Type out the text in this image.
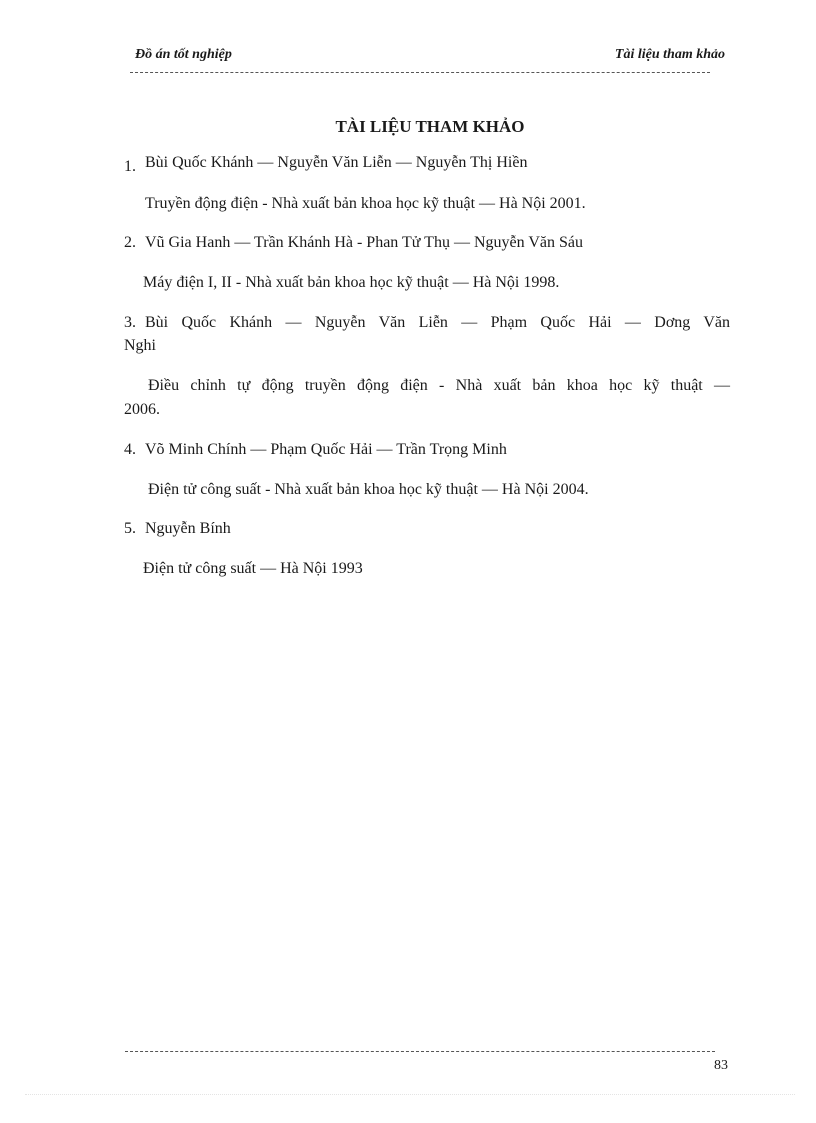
Đồ án tốt nghiệp	Tài liệu tham khảo
TÀI LIỆU THAM KHẢO
1. Bùi Quốc Khánh — Nguyễn Văn Liễn — Nguyễn Thị Hiền
Truyền động điện - Nhà xuất bản khoa học kỹ thuật — Hà Nội 2001.
2. Vũ Gia Hanh — Trần Khánh Hà - Phan Tử Thụ — Nguyễn Văn Sáu
Máy điện I, II - Nhà xuất bản khoa học kỹ thuật — Hà Nội 1998.
3. Bùi Quốc Khánh — Nguyễn Văn Liễn — Phạm Quốc Hải — Dơng Văn
Nghi
Điều chỉnh tự động truyền động điện - Nhà xuất bản khoa học kỹ thuật —
2006.
4. Võ Minh Chính — Phạm Quốc Hải — Trần Trọng Minh
Điện tử công suất - Nhà xuất bản khoa học kỹ thuật — Hà Nội 2004.
5. Nguyễn Bính
Điện tử công suất — Hà Nội 1993
83
